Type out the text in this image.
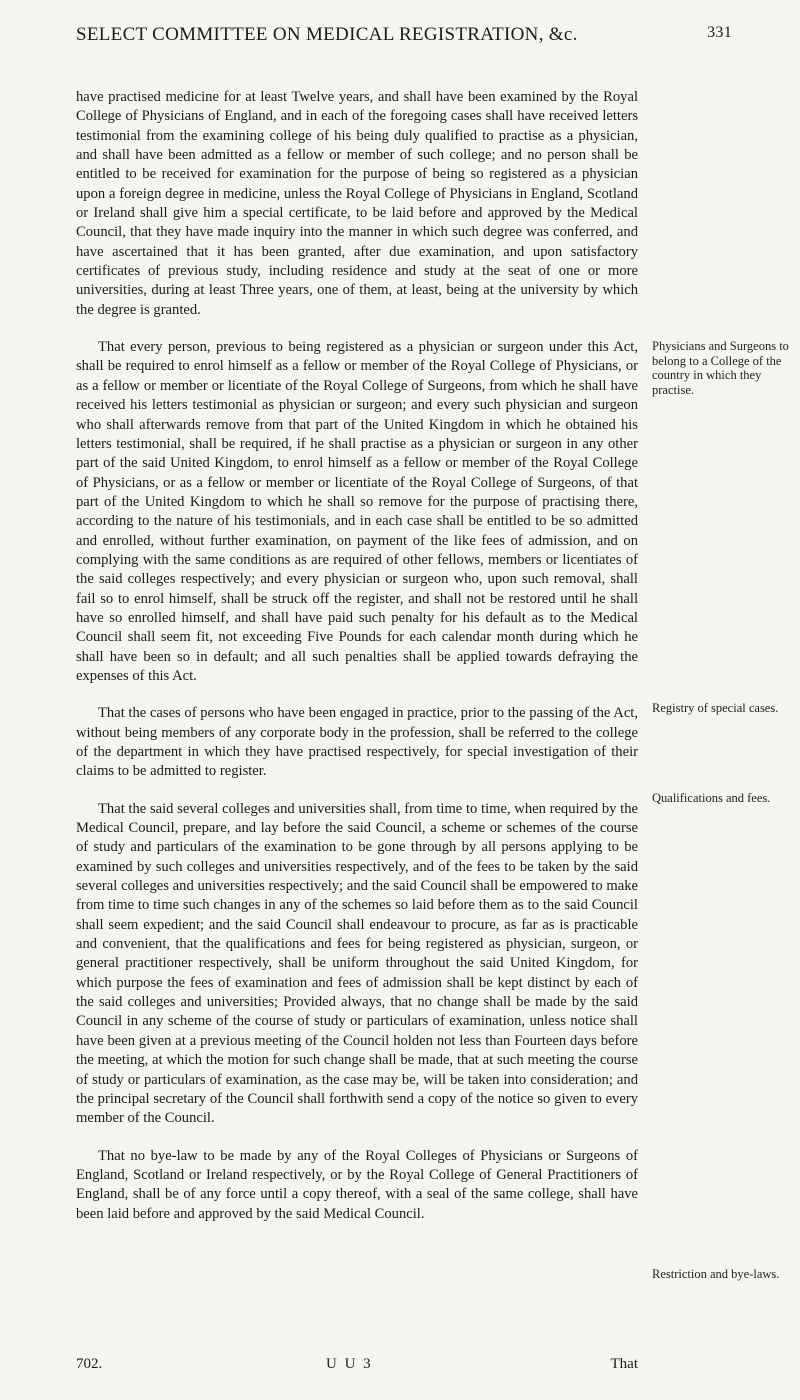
SELECT COMMITTEE ON MEDICAL REGISTRATION, &c.	331

have practised medicine for at least Twelve years, and shall have been examined by the Royal College of Physicians of England, and in each of the foregoing cases shall have received letters testimonial from the examining college of his being duly qualified to practise as a physician, and shall have been admitted as a fellow or member of such college; and no person shall be entitled to be received for examination for the purpose of being so registered as a physician upon a foreign degree in medicine, unless the Royal College of Physicians in England, Scotland or Ireland shall give him a special certificate, to be laid before and approved by the Medical Council, that they have made inquiry into the manner in which such degree was conferred, and have ascertained that it has been granted, after due examination, and upon satisfactory certificates of previous study, including residence and study at the seat of one or more universities, during at least Three years, one of them, at least, being at the university by which the degree is granted.

That every person, previous to being registered as a physician or surgeon under this Act, shall be required to enrol himself as a fellow or member of the Royal College of Physicians, or as a fellow or member or licentiate of the Royal College of Surgeons, from which he shall have received his letters testimonial as physician or surgeon; and every such physician and surgeon who shall afterwards remove from that part of the United Kingdom in which he obtained his letters testimonial, shall be required, if he shall practise as a physician or surgeon in any other part of the said United Kingdom, to enrol himself as a fellow or member of the Royal College of Physicians, or as a fellow or member or licentiate of the Royal College of Surgeons, of that part of the United Kingdom to which he shall so remove for the purpose of practising there, according to the nature of his testimonials, and in each case shall be entitled to be so admitted and enrolled, without further examination, on payment of the like fees of admission, and on complying with the same conditions as are required of other fellows, members or licentiates of the said colleges respectively; and every physician or surgeon who, upon such removal, shall fail so to enrol himself, shall be struck off the register, and shall not be restored until he shall have so enrolled himself, and shall have paid such penalty for his default as to the Medical Council shall seem fit, not exceeding Five Pounds for each calendar month during which he shall have been so in default; and all such penalties shall be applied towards defraying the expenses of this Act.

That the cases of persons who have been engaged in practice, prior to the passing of the Act, without being members of any corporate body in the profession, shall be referred to the college of the department in which they have practised respectively, for special investigation of their claims to be admitted to register.

That the said several colleges and universities shall, from time to time, when required by the Medical Council, prepare, and lay before the said Council, a scheme or schemes of the course of study and particulars of the examination to be gone through by all persons applying to be examined by such colleges and universities respectively, and of the fees to be taken by the said several colleges and universities respectively; and the said Council shall be empowered to make from time to time such changes in any of the schemes so laid before them as to the said Council shall seem expedient; and the said Council shall endeavour to procure, as far as is practicable and convenient, that the qualifications and fees for being registered as physician, surgeon, or general practitioner respectively, shall be uniform throughout the said United Kingdom, for which purpose the fees of examination and fees of admission shall be kept distinct by each of the said colleges and universities; Provided always, that no change shall be made by the said Council in any scheme of the course of study or particulars of examination, unless notice shall have been given at a previous meeting of the Council holden not less than Fourteen days before the meeting, at which the motion for such change shall be made, that at such meeting the course of study or particulars of examination, as the case may be, will be taken into consideration; and the principal secretary of the Council shall forthwith send a copy of the notice so given to every member of the Council.

That no bye-law to be made by any of the Royal Colleges of Physicians or Surgeons of England, Scotland or Ireland respectively, or by the Royal College of General Practitioners of England, shall be of any force until a copy thereof, with a seal of the same college, shall have been laid before and approved by the said Medical Council.

Physicians and Surgeons to belong to a College of the country in which they practise.
Registry of special cases.
Qualifications and fees.
Restriction and bye-laws.
702.	U U 3	That
